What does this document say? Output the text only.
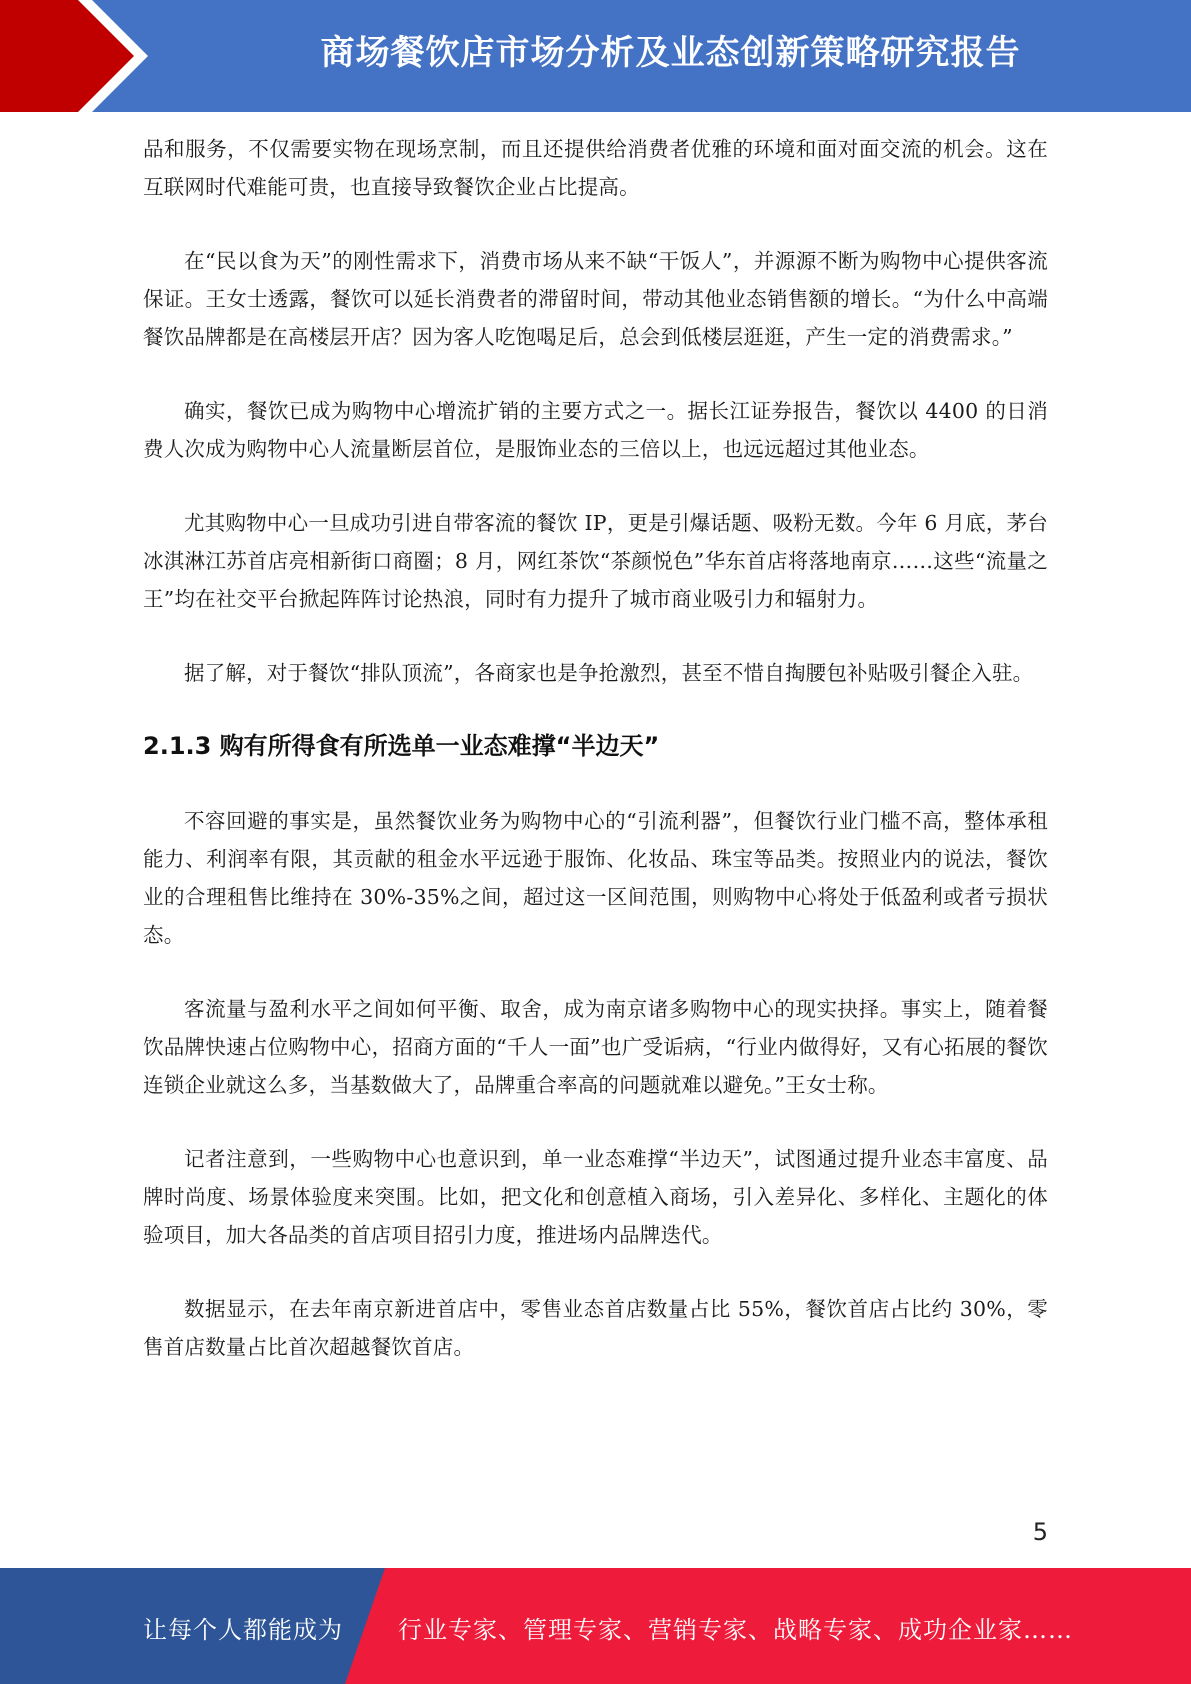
商场餐饮店市场分析及业态创新策略研究报告

品和服务，不仅需要实物在现场烹制，而且还提供给消费者优雅的环境和面对面交流的机会。这在互联网时代难能可贵，也直接导致餐饮企业占比提高。

在“民以食为天”的刚性需求下，消费市场从来不缺“干饭人”，并源源不断为购物中心提供客流保证。王女士透露，餐饮可以延长消费者的滞留时间，带动其他业态销售额的增长。“为什么中高端餐饮品牌都是在高楼层开店？因为客人吃饱喝足后，总会到低楼层逛逛，产生一定的消费需求。”

确实，餐饮已成为购物中心增流扩销的主要方式之一。据长江证券报告，餐饮以 4400 的日消费人次成为购物中心人流量断层首位，是服饰业态的三倍以上，也远远超过其他业态。

尤其购物中心一旦成功引进自带客流的餐饮 IP，更是引爆话题、吸粉无数。今年 6 月底，茅台冰淇淋江苏首店亮相新街口商圈；8 月，网红茶饮“茶颜悦色”华东首店将落地南京……这些“流量之王”均在社交平台掀起阵阵讨论热浪，同时有力提升了城市商业吸引力和辐射力。

据了解，对于餐饮“排队顶流”，各商家也是争抢激烈，甚至不惜自掏腰包补贴吸引餐企入驻。

2.1.3 购有所得食有所选单一业态难撑“半边天”

不容回避的事实是，虽然餐饮业务为购物中心的“引流利器”，但餐饮行业门槛不高，整体承租能力、利润率有限，其贡献的租金水平远逊于服饰、化妆品、珠宝等品类。按照业内的说法，餐饮业的合理租售比维持在 30%-35%之间，超过这一区间范围，则购物中心将处于低盈利或者亏损状态。

客流量与盈利水平之间如何平衡、取舍，成为南京诸多购物中心的现实抉择。事实上，随着餐饮品牌快速占位购物中心，招商方面的“千人一面”也广受诟病，“行业内做得好，又有心拓展的餐饮连锁企业就这么多，当基数做大了，品牌重合率高的问题就难以避免。”王女士称。

记者注意到，一些购物中心也意识到，单一业态难撑“半边天”，试图通过提升业态丰富度、品牌时尚度、场景体验度来突围。比如，把文化和创意植入商场，引入差异化、多样化、主题化的体验项目，加大各品类的首店项目招引力度，推进场内品牌迭代。

数据显示，在去年南京新进首店中，零售业态首店数量占比 55%，餐饮首店占比约 30%，零售首店数量占比首次超越餐饮首店。

5
让每个人都能成为 行业专家、管理专家、营销专家、战略专家、成功企业家……
